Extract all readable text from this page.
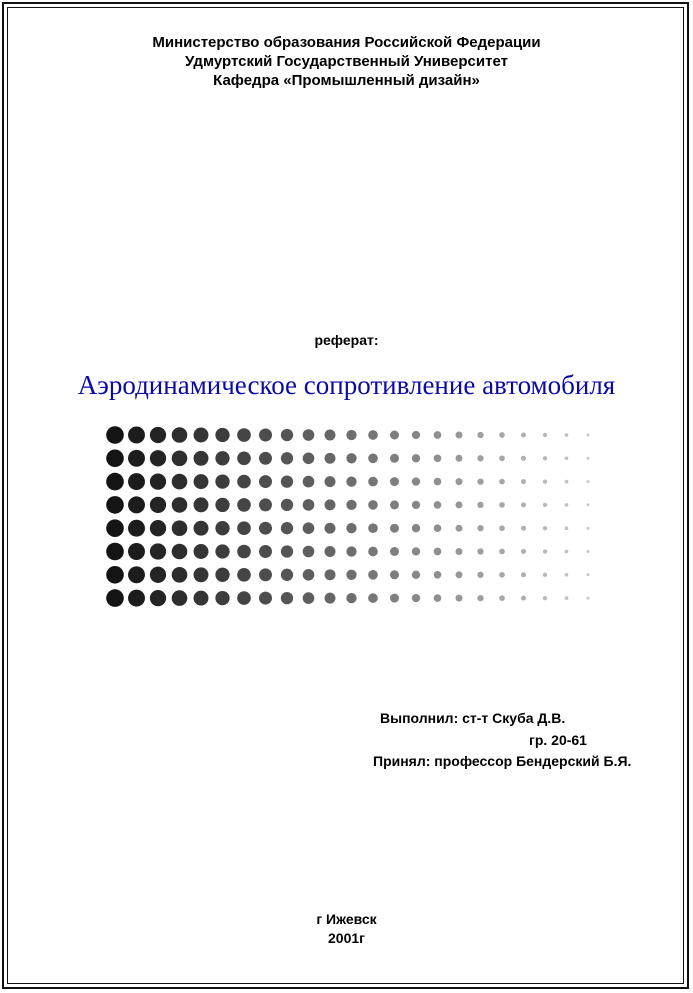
Министерство образования Российской Федерации
Удмуртский Государственный Университет
Кафедра «Промышленный дизайн»
реферат:
Аэродинамическое сопротивление автомобиля
Выполнил: ст-т Скуба Д.В.
гр. 20-61
Принял: профессор Бендерский Б.Я.
г Ижевск
2001г
